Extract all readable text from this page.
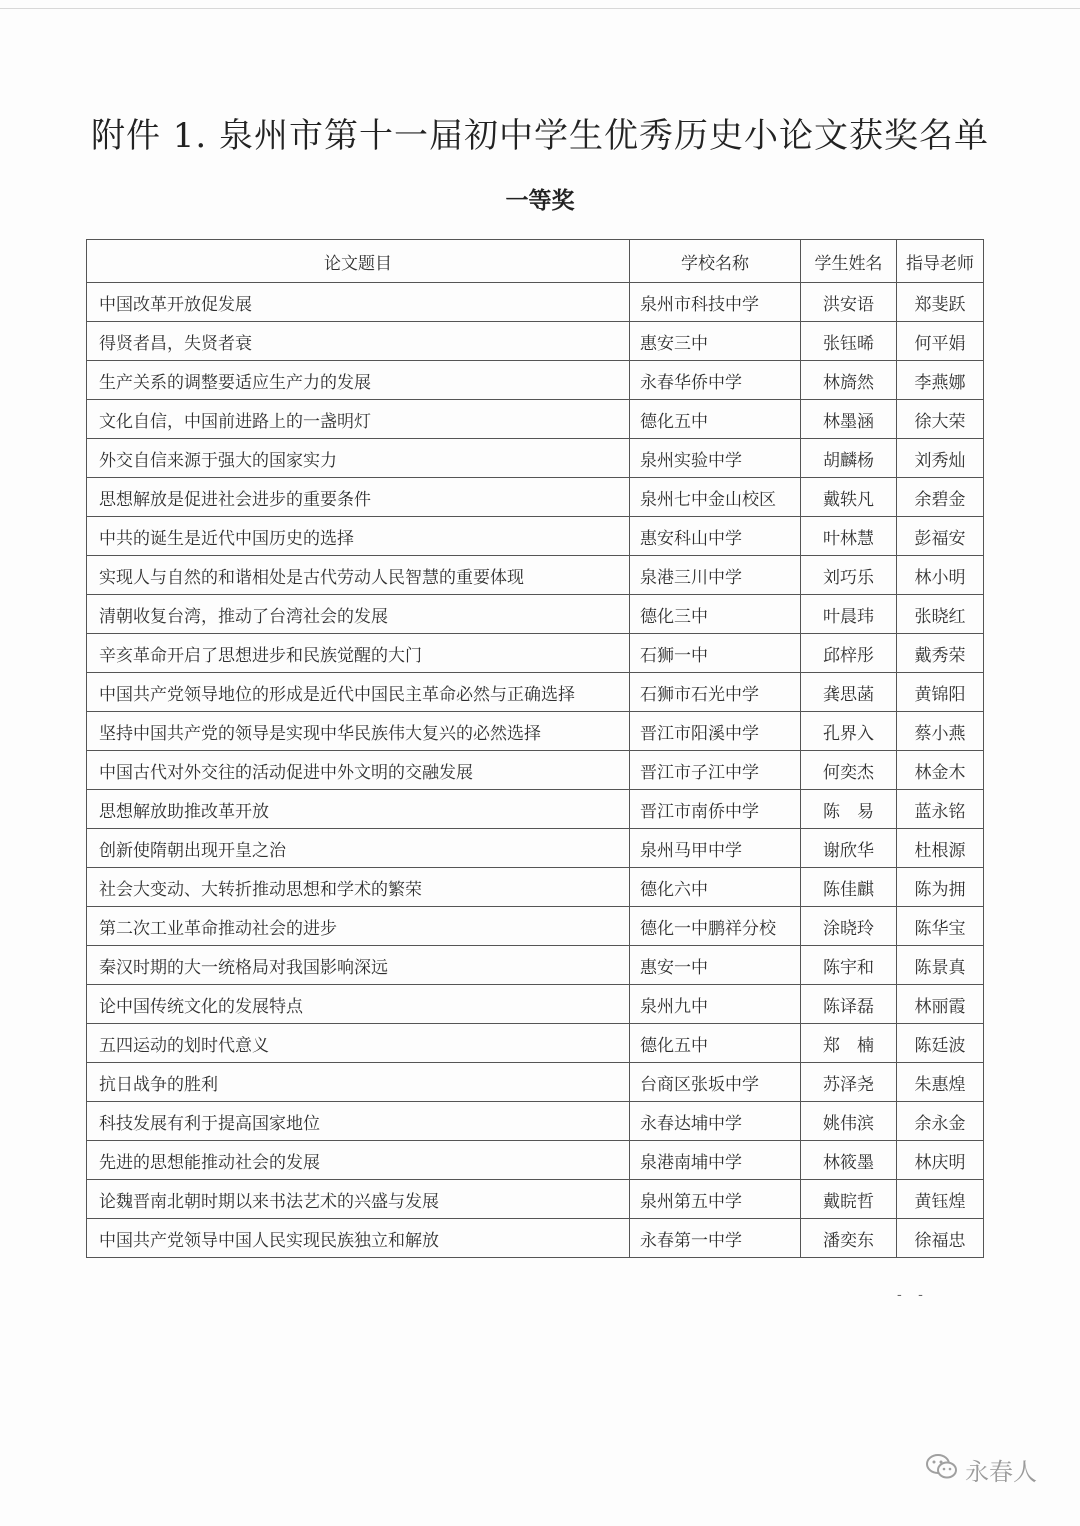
附件 1. 泉州市第十一届初中学生优秀历史小论文获奖名单
一等奖
论文题目	学校名称	学生姓名	指导老师
中国改革开放促发展	泉州市科技中学	洪安语	郑斐跃
得贤者昌，失贤者衰	惠安三中	张钰晞	何平娟
生产关系的调整要适应生产力的发展	永春华侨中学	林旖然	李燕娜
文化自信，中国前进路上的一盏明灯	德化五中	林墨涵	徐大荣
外交自信来源于强大的国家实力	泉州实验中学	胡麟杨	刘秀灿
思想解放是促进社会进步的重要条件	泉州七中金山校区	戴轶凡	余碧金
中共的诞生是近代中国历史的选择	惠安科山中学	叶林慧	彭福安
实现人与自然的和谐相处是古代劳动人民智慧的重要体现	泉港三川中学	刘巧乐	林小明
清朝收复台湾，推动了台湾社会的发展	德化三中	叶晨玮	张晓红
辛亥革命开启了思想进步和民族觉醒的大门	石狮一中	邱梓彤	戴秀荣
中国共产党领导地位的形成是近代中国民主革命必然与正确选择	石狮市石光中学	龚思菡	黄锦阳
坚持中国共产党的领导是实现中华民族伟大复兴的必然选择	晋江市阳溪中学	孔界入	蔡小燕
中国古代对外交往的活动促进中外文明的交融发展	晋江市子江中学	何奕杰	林金木
思想解放助推改革开放	晋江市南侨中学	陈　易	蓝永铭
创新使隋朝出现开皇之治	泉州马甲中学	谢欣华	杜根源
社会大变动、大转折推动思想和学术的繁荣	德化六中	陈佳麒	陈为拥
第二次工业革命推动社会的进步	德化一中鹏祥分校	涂晓玲	陈华宝
秦汉时期的大一统格局对我国影响深远	惠安一中	陈宇和	陈景真
论中国传统文化的发展特点	泉州九中	陈译磊	林丽霞
五四运动的划时代意义	德化五中	郑　楠	陈廷波
抗日战争的胜利	台商区张坂中学	苏泽尧	朱惠煌
科技发展有利于提高国家地位	永春达埔中学	姚伟滨	余永金
先进的思想能推动社会的发展	泉港南埔中学	林筱墨	林庆明
论魏晋南北朝时期以来书法艺术的兴盛与发展	泉州第五中学	戴睆哲	黄钰煌
中国共产党领导中国人民实现民族独立和解放	永春第一中学	潘奕东	徐福忠
- -
永春人
